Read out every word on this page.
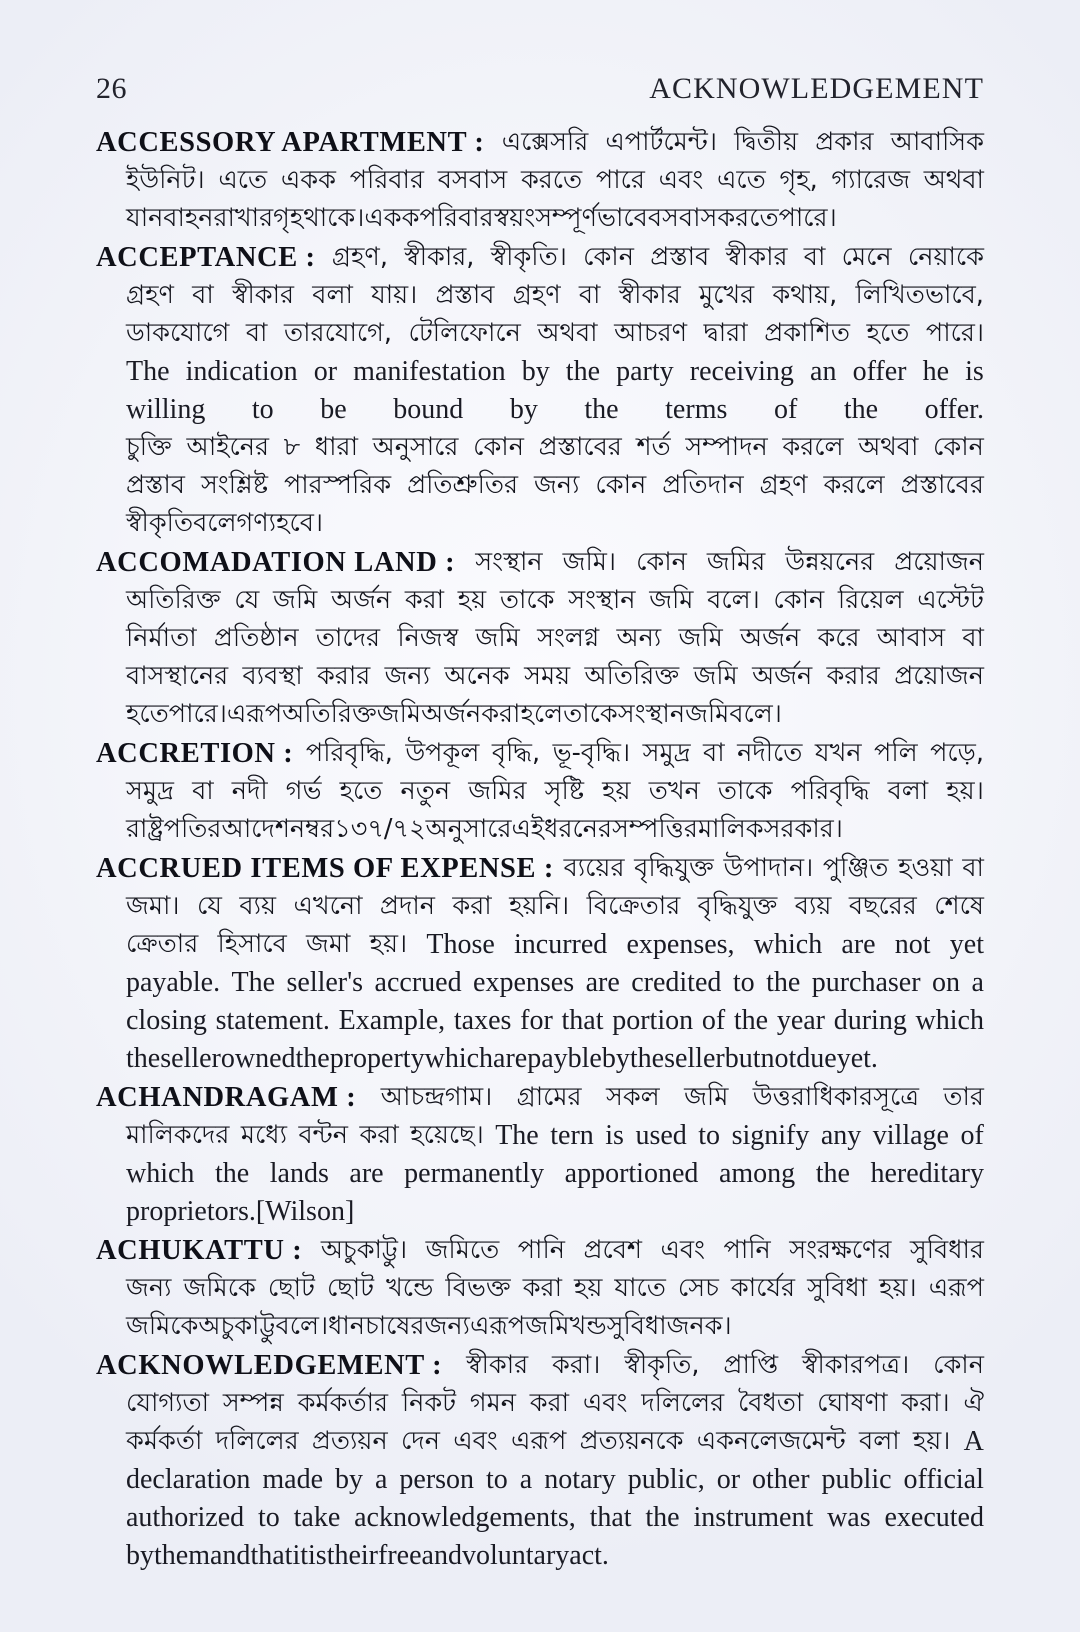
26	ACKNOWLEDGEMENT
ACCESSORY APARTMENT : এক্সেসরি এপার্টমেন্ট। দ্বিতীয় প্রকার আবাসিক
ইউনিট। এতে একক পরিবার বসবাস করতে পারে এবং এতে গৃহ, গ্যারেজ অথবা
যানবাহন রাখার গৃহ থাকে। একক পরিবার স্বয়ংসম্পূর্ণভাবে বসবাস করতে পারে।
ACCEPTANCE : গ্রহণ, স্বীকার, স্বীকৃতি। কোন প্রস্তাব স্বীকার বা মেনে নেয়াকে
গ্রহণ বা স্বীকার বলা যায়। প্রস্তাব গ্রহণ বা স্বীকার মুখের কথায়, লিখিতভাবে,
ডাকযোগে বা তারযোগে, টেলিফোনে অথবা আচরণ দ্বারা প্রকাশিত হতে পারে।
The indication or manifestation by the party receiving an offer he is
willing to be bound by the terms of the offer.
চুক্তি আইনের ৮ ধারা অনুসারে কোন প্রস্তাবের শর্ত সম্পাদন করলে অথবা কোন
প্রস্তাব সংশ্লিষ্ট পারস্পরিক প্রতিশ্রুতির জন্য কোন প্রতিদান গ্রহণ করলে প্রস্তাবের
স্বীকৃতি বলে গণ্য হবে।
ACCOMADATION LAND : সংস্থান জমি। কোন জমির উন্নয়নের প্রয়োজন
অতিরিক্ত যে জমি অর্জন করা হয় তাকে সংস্থান জমি বলে। কোন রিয়েল এস্টেট
নির্মাতা প্রতিষ্ঠান তাদের নিজস্ব জমি সংলগ্ন অন্য জমি অর্জন করে আবাস বা
বাসস্থানের ব্যবস্থা করার জন্য অনেক সময় অতিরিক্ত জমি অর্জন করার প্রয়োজন
হতে পারে। এরূপ অতিরিক্ত জমি অর্জন করা হলে তাকে সংস্থান জমি বলে।
ACCRETION : পরিবৃদ্ধি, উপকূল বৃদ্ধি, ভূ-বৃদ্ধি। সমুদ্র বা নদীতে যখন পলি পড়ে,
সমুদ্র বা নদী গর্ভ হতে নতুন জমির সৃষ্টি হয় তখন তাকে পরিবৃদ্ধি বলা হয়।
রাষ্ট্রপতির আদেশ নম্বর ১৩৭/৭২ অনুসারে এই ধরনের সম্পত্তির মালিক সরকার।
ACCRUED ITEMS OF EXPENSE : ব্যয়ের বৃদ্ধিযুক্ত উপাদান। পুঞ্জিত হওয়া বা
জমা। যে ব্যয় এখনো প্রদান করা হয়নি। বিক্রেতার বৃদ্ধিযুক্ত ব্যয় বছরের শেষে
ক্রেতার হিসাবে জমা হয়। Those incurred expenses, which are not yet
payable. The seller's accrued expenses are credited to the purchaser on a
closing statement. Example, taxes for that portion of the year during which
the seller owned the property which are payble by the seller but not due yet.
ACHANDRAGAM : আচন্দ্রগাম। গ্রামের সকল জমি উত্তরাধিকারসূত্রে তার
মালিকদের মধ্যে বন্টন করা হয়েছে। The tern is used to signify any village of
which the lands are permanently apportioned among the hereditary
proprietors.[Wilson]
ACHUKATTU : অচুকাট্টু। জমিতে পানি প্রবেশ এবং পানি সংরক্ষণের সুবিধার
জন্য জমিকে ছোট ছোট খন্ডে বিভক্ত করা হয় যাতে সেচ কার্যের সুবিধা হয়। এরূপ
জমিকে অচুকাট্টু বলে। ধান চাষের জন্য এরূপ জমিখন্ড সুবিধাজনক।
ACKNOWLEDGEMENT : স্বীকার করা। স্বীকৃতি, প্রাপ্তি স্বীকারপত্র। কোন
যোগ্যতা সম্পন্ন কর্মকর্তার নিকট গমন করা এবং দলিলের বৈধতা ঘোষণা করা। ঐ
কর্মকর্তা দলিলের প্রত্যয়ন দেন এবং এরূপ প্রত্যয়নকে একনলেজমেন্ট বলা হয়। A
declaration made by a person to a notary public, or other public official
authorized to take acknowledgements, that the instrument was executed
by them and that it is their free and voluntary act.
